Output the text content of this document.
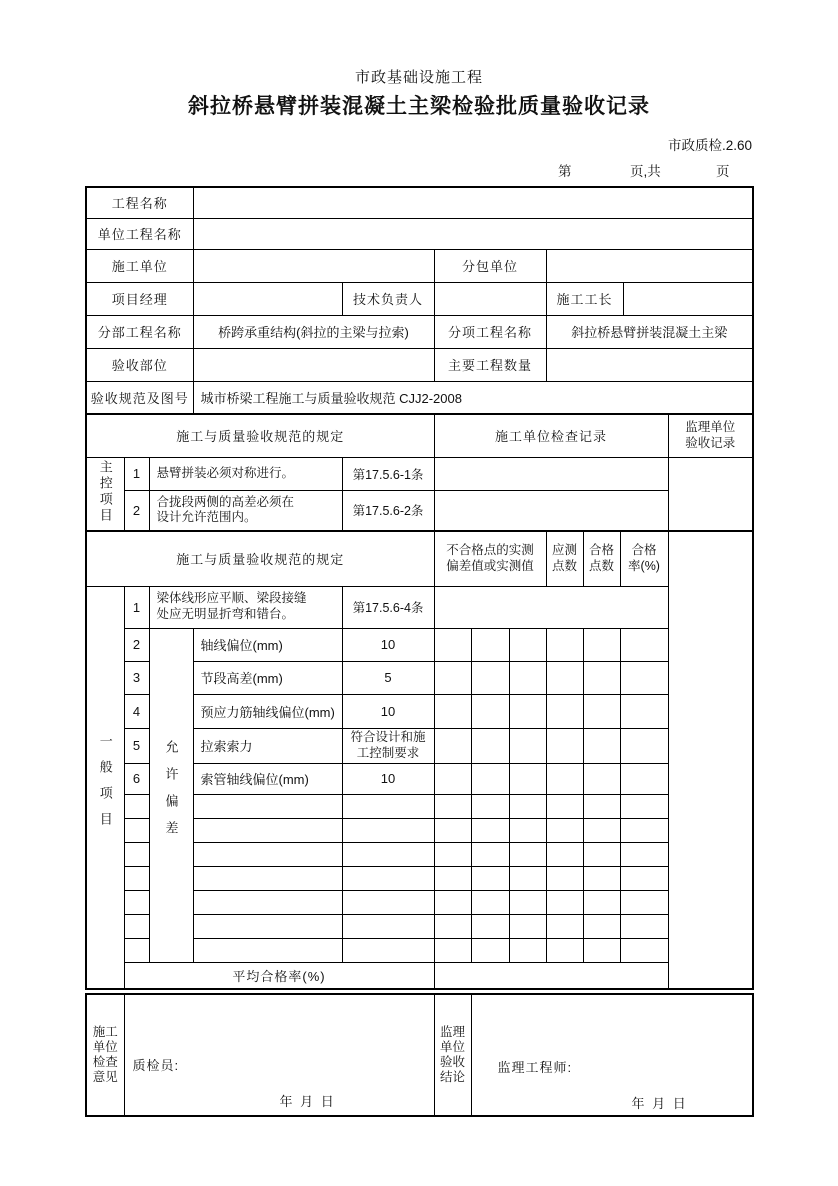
市政基础设施工程
斜拉桥悬臂拼装混凝土主梁检验批质量验收记录
市政质检.2.60
第	页,共	页
工程名称					
单位工程名称					
施工单位			分包单位		
项目经理		技术负责人		施工工长	
分部工程名称	桥跨承重结构(斜拉的主梁与拉索)		分项工程名称	斜拉桥悬臂拼装混凝土主梁	
验收部位			主要工程数量		
验收规范及图号	城市桥梁工程施工与质量验收规范 CJJ2-2008				
施工与质量验收规范的规定				施工单位检查记录	监理单位验收记录
主控项目	1	悬臂拼装必须对称进行。	第17.5.6-1条		
	2	合拢段两侧的高差必须在设计允许范围内。	第17.5.6-2条		
施工与质量验收规范的规定					不合格点的实测偏差值或实测值			应测点数	合格点数	合格率(%)	
一般项目	1	梁体线形应平顺、梁段接缝处应无明显折弯和错台。		第17.5.6-4条							
	2	允许偏差	轴线偏位(mm)	10							
	3		节段高差(mm)	5							
	4		预应力筋轴线偏位(mm)	10							
	5		拉索索力	符合设计和施工控制要求							
	6		索管轴线偏位(mm)	10							

	平均合格率(%)										
施工单位检查意见	
质检员:
年 月 日
	监理单位验收结论	
监理工程师:
年 月 日
